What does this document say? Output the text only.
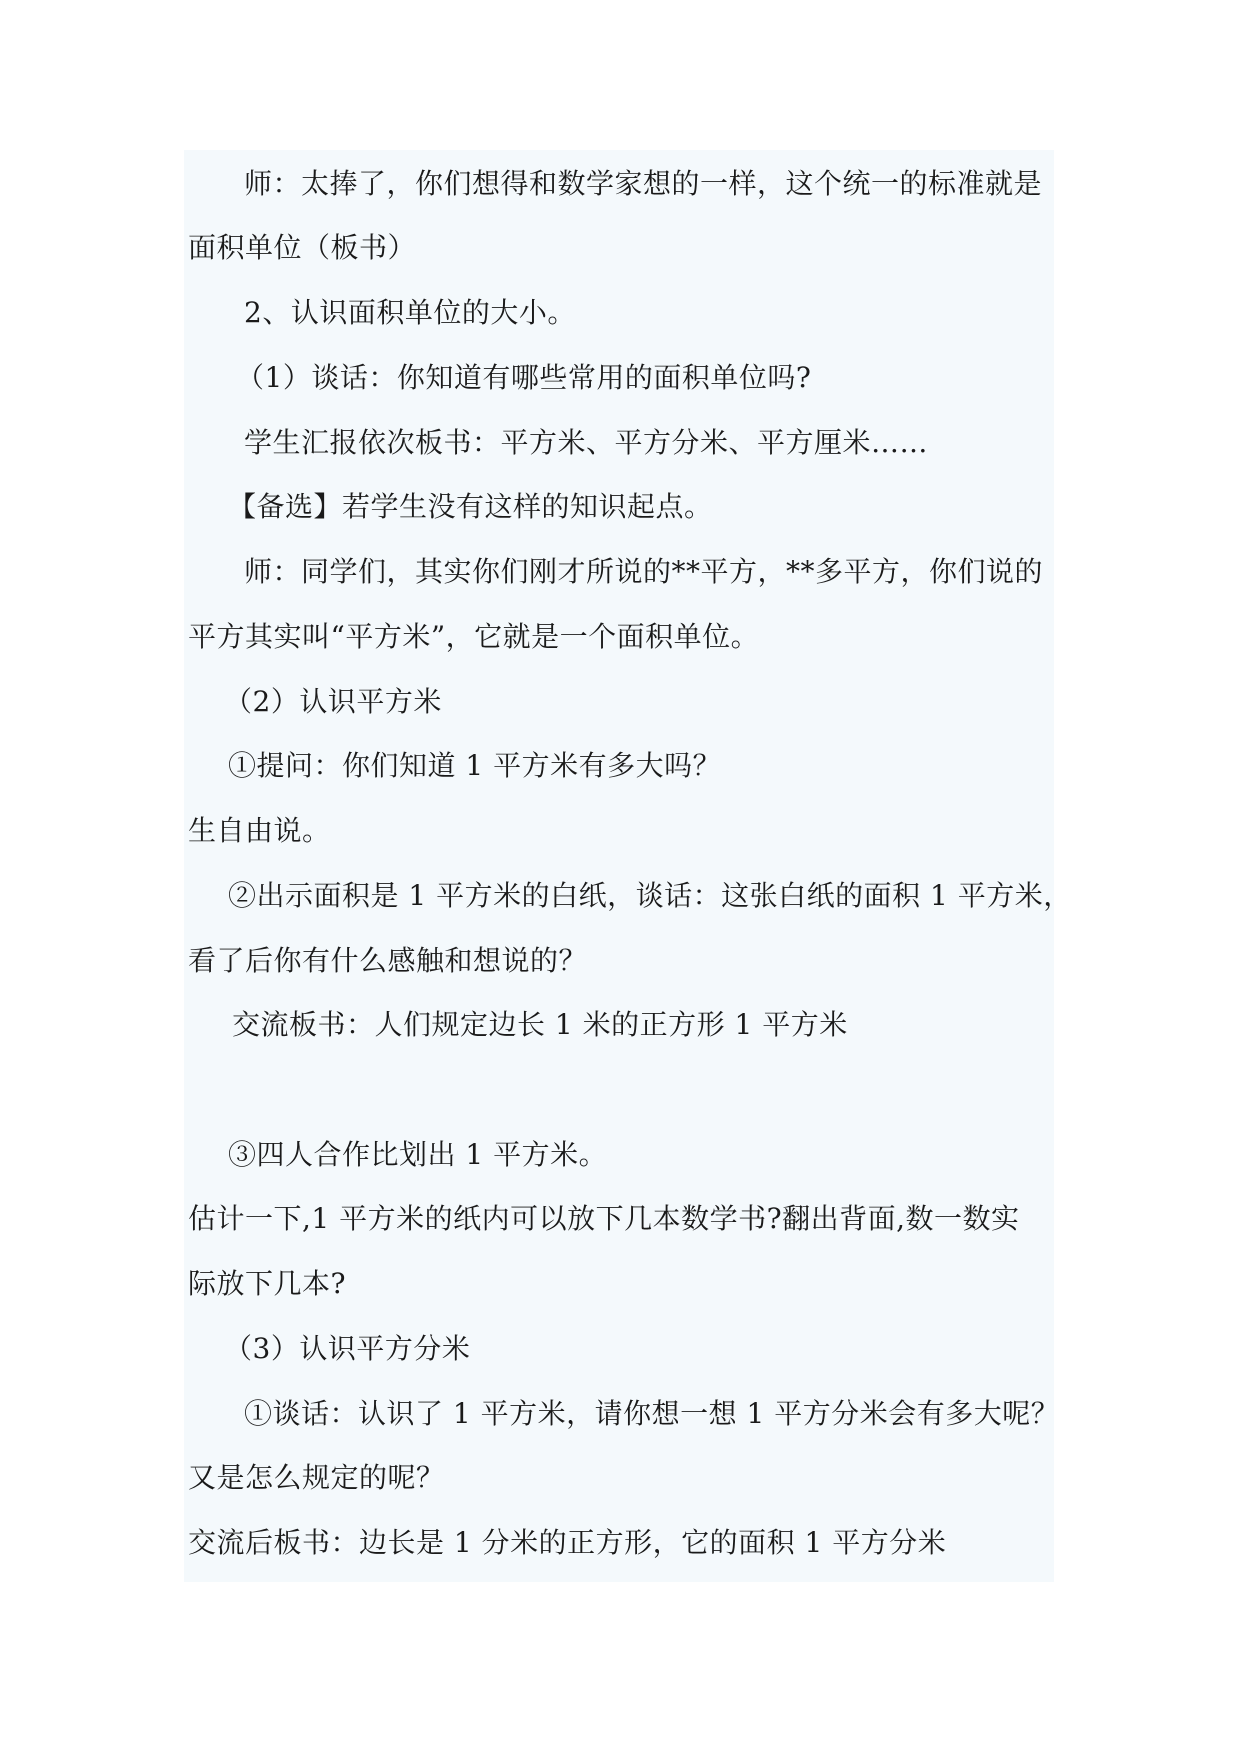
师：太捧了，你们想得和数学家想的一样，这个统一的标准就是
面积单位（板书）
2、认识面积单位的大小。
（1）谈话：你知道有哪些常用的面积单位吗?
学生汇报依次板书：平方米、平方分米、平方厘米……
【备选】若学生没有这样的知识起点。
师：同学们，其实你们刚才所说的**平方，**多平方，你们说的
平方其实叫“平方米”，它就是一个面积单位。
（2）认识平方米
①提问：你们知道 1 平方米有多大吗？
生自由说。
②出示面积是 1 平方米的白纸，谈话：这张白纸的面积 1 平方米，
看了后你有什么感触和想说的？
交流板书：人们规定边长 1 米的正方形 1 平方米
③四人合作比划出 1 平方米。
估计一下,1 平方米的纸内可以放下几本数学书?翻出背面,数一数实
际放下几本?
（3）认识平方分米
①谈话：认识了 1 平方米，请你想一想 1 平方分米会有多大呢？
又是怎么规定的呢？
交流后板书：边长是 1 分米的正方形，它的面积 1 平方分米
